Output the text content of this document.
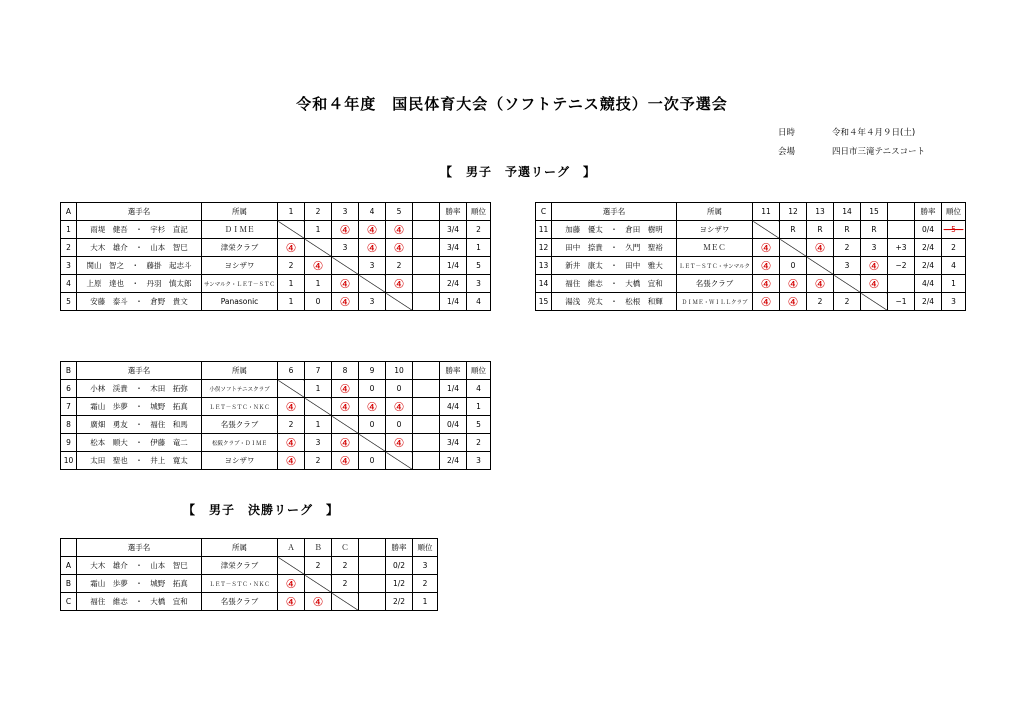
令和４年度　国民体育大会（ソフトテニス競技）一次予選会
日時	令和４年４月９日(土)
会場	四日市三滝テニスコート
【　男子　予選リーグ　】
【　男子　決勝リーグ　】
A	選手名	所属	1	2	3	4	5		勝率	順位
1	雨堤　健吾　・　宇杉　直記	ＤＩＭＥ		1	④	④	④		3/4	2
2	大木　雄介　・　山本　智巳	津栄クラブ	④		3	④	④		3/4	1
3	関山　智之　・　藤掛　起志斗	ヨシザワ	2	④		3	2		1/4	5
4	上原　達也　・　丹羽　慎太郎	サンマルク・ＬＥＴ－ＳＴＣ	1	1	④		④		2/4	3
5	安藤　泰斗　・　倉野　貴文	Panasonic	1	0	④	3			1/4	4
C	選手名	所属	11	12	13	14	15		勝率	順位
11	加藤　優太　・　倉田　樹明	ヨシザワ		R	R	R	R		0/4	—5—
12	田中　捺貴　・　久門　聖裕	ＭＥＣ	④		④	2	3	+3	2/4	2
13	新井　康太　・　田中　雅大	ＬＥＴ－ＳＴＣ・サンマルク	④	0		3	④	−2	2/4	4
14	福住　維志　・　大橋　宜和	名張クラブ	④	④	④		④		4/4	1
15	湯浅　亮太　・　松根　和輝	ＤＩＭＥ・ＷＩＬＬクラブ	④	④	2	2		−1	2/4	3
B	選手名	所属	6	7	8	9	10		勝率	順位
6	小林　渓貴　・　木田　拓弥	小俣ソフトテニスクラブ		1	④	0	0		1/4	4
7	霜山　歩夢　・　城野　拓真	ＬＥＴ－ＳＴＣ・ＮＫＣ	④		④	④	④		4/4	1
8	廣畑　勇友　・　福住　和馬	名張クラブ	2	1		0	0		0/4	5
9	松本　順大　・　伊藤　竜二	松阪クラブ・ＤＩＭＥ	④	3	④		④		3/4	2
10	太田　聖也　・　井上　寛太	ヨシザワ	④	2	④	0			2/4	3
	選手名	所属	Ａ	Ｂ	Ｃ		勝率	順位
A	大木　雄介　・　山本　智巳	津栄クラブ		2	2		0/2	3
B	霜山　歩夢　・　城野　拓真	ＬＥＴ－ＳＴＣ・ＮＫＣ	④		2		1/2	2
C	福住　維志　・　大橋　宜和	名張クラブ	④	④			2/2	1
